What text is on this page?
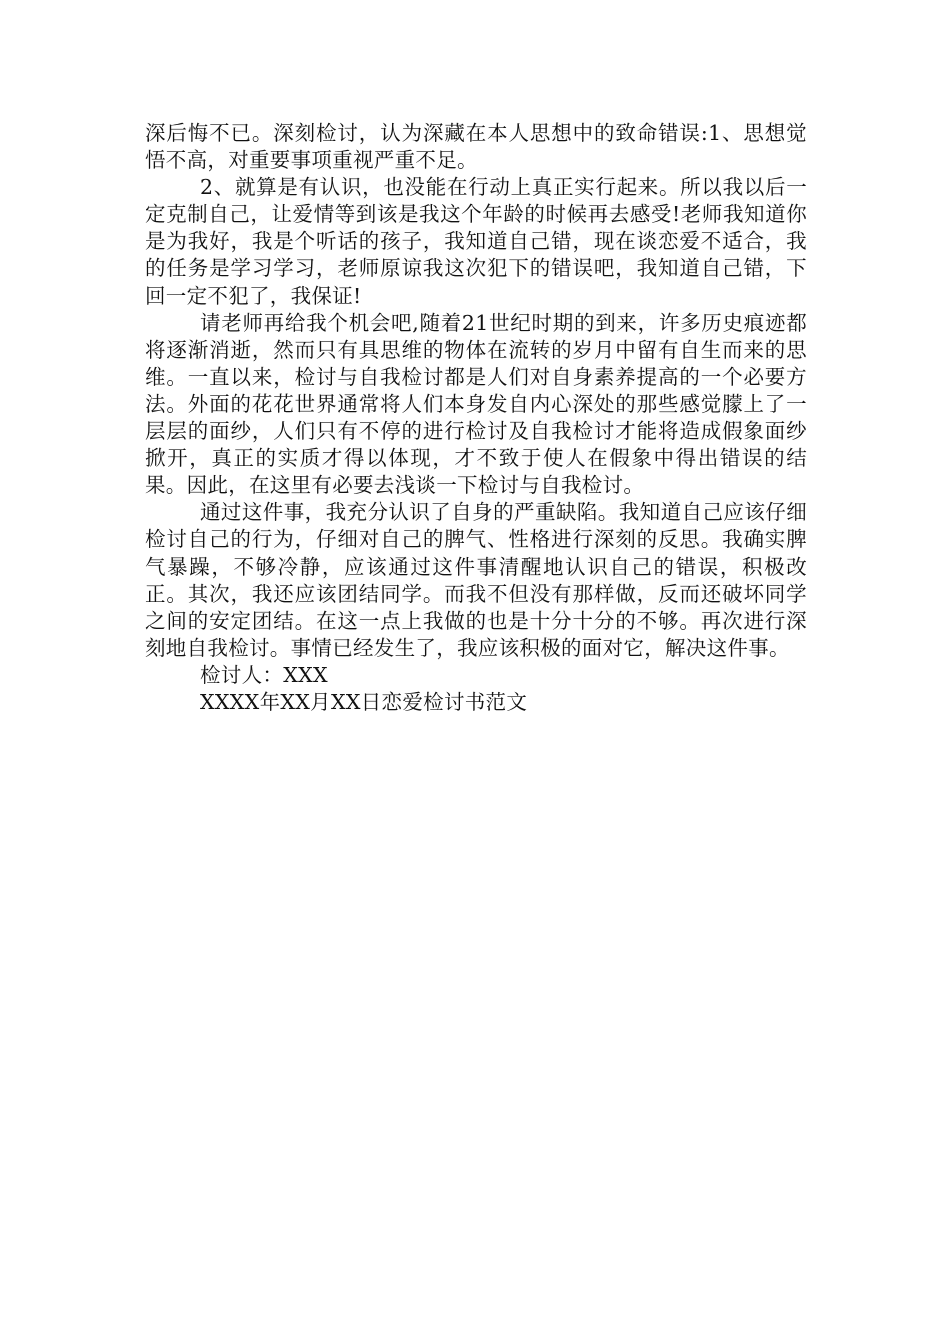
深后悔不已。深刻检讨，认为深藏在本人思想中的致命错误:1、思想觉悟不高，对重要事项重视严重不足。

2、就算是有认识，也没能在行动上真正实行起来。所以我以后一定克制自己，让爱情等到该是我这个年龄的时候再去感受!老师我知道你是为我好，我是个听话的孩子，我知道自己错，现在谈恋爱不适合，我的任务是学习学习，老师原谅我这次犯下的错误吧，我知道自己错，下回一定不犯了，我保证!

请老师再给我个机会吧,随着21世纪时期的到来，许多历史痕迹都将逐渐消逝，然而只有具思维的物体在流转的岁月中留有自生而来的思维。一直以来，检讨与自我检讨都是人们对自身素养提高的一个必要方法。外面的花花世界通常将人们本身发自内心深处的那些感觉朦上了一层层的面纱，人们只有不停的进行检讨及自我检讨才能将造成假象面纱掀开，真正的实质才得以体现，才不致于使人在假象中得出错误的结果。因此，在这里有必要去浅谈一下检讨与自我检讨。

通过这件事，我充分认识了自身的严重缺陷。我知道自己应该仔细检讨自己的行为，仔细对自己的脾气、性格进行深刻的反思。我确实脾气暴躁，不够冷静，应该通过这件事清醒地认识自己的错误，积极改正。其次，我还应该团结同学。而我不但没有那样做，反而还破坏同学之间的安定团结。在这一点上我做的也是十分十分的不够。再次进行深刻地自我检讨。事情已经发生了，我应该积极的面对它，解决这件事。

检讨人：XXX

XXXX年XX月XX日恋爱检讨书范文
